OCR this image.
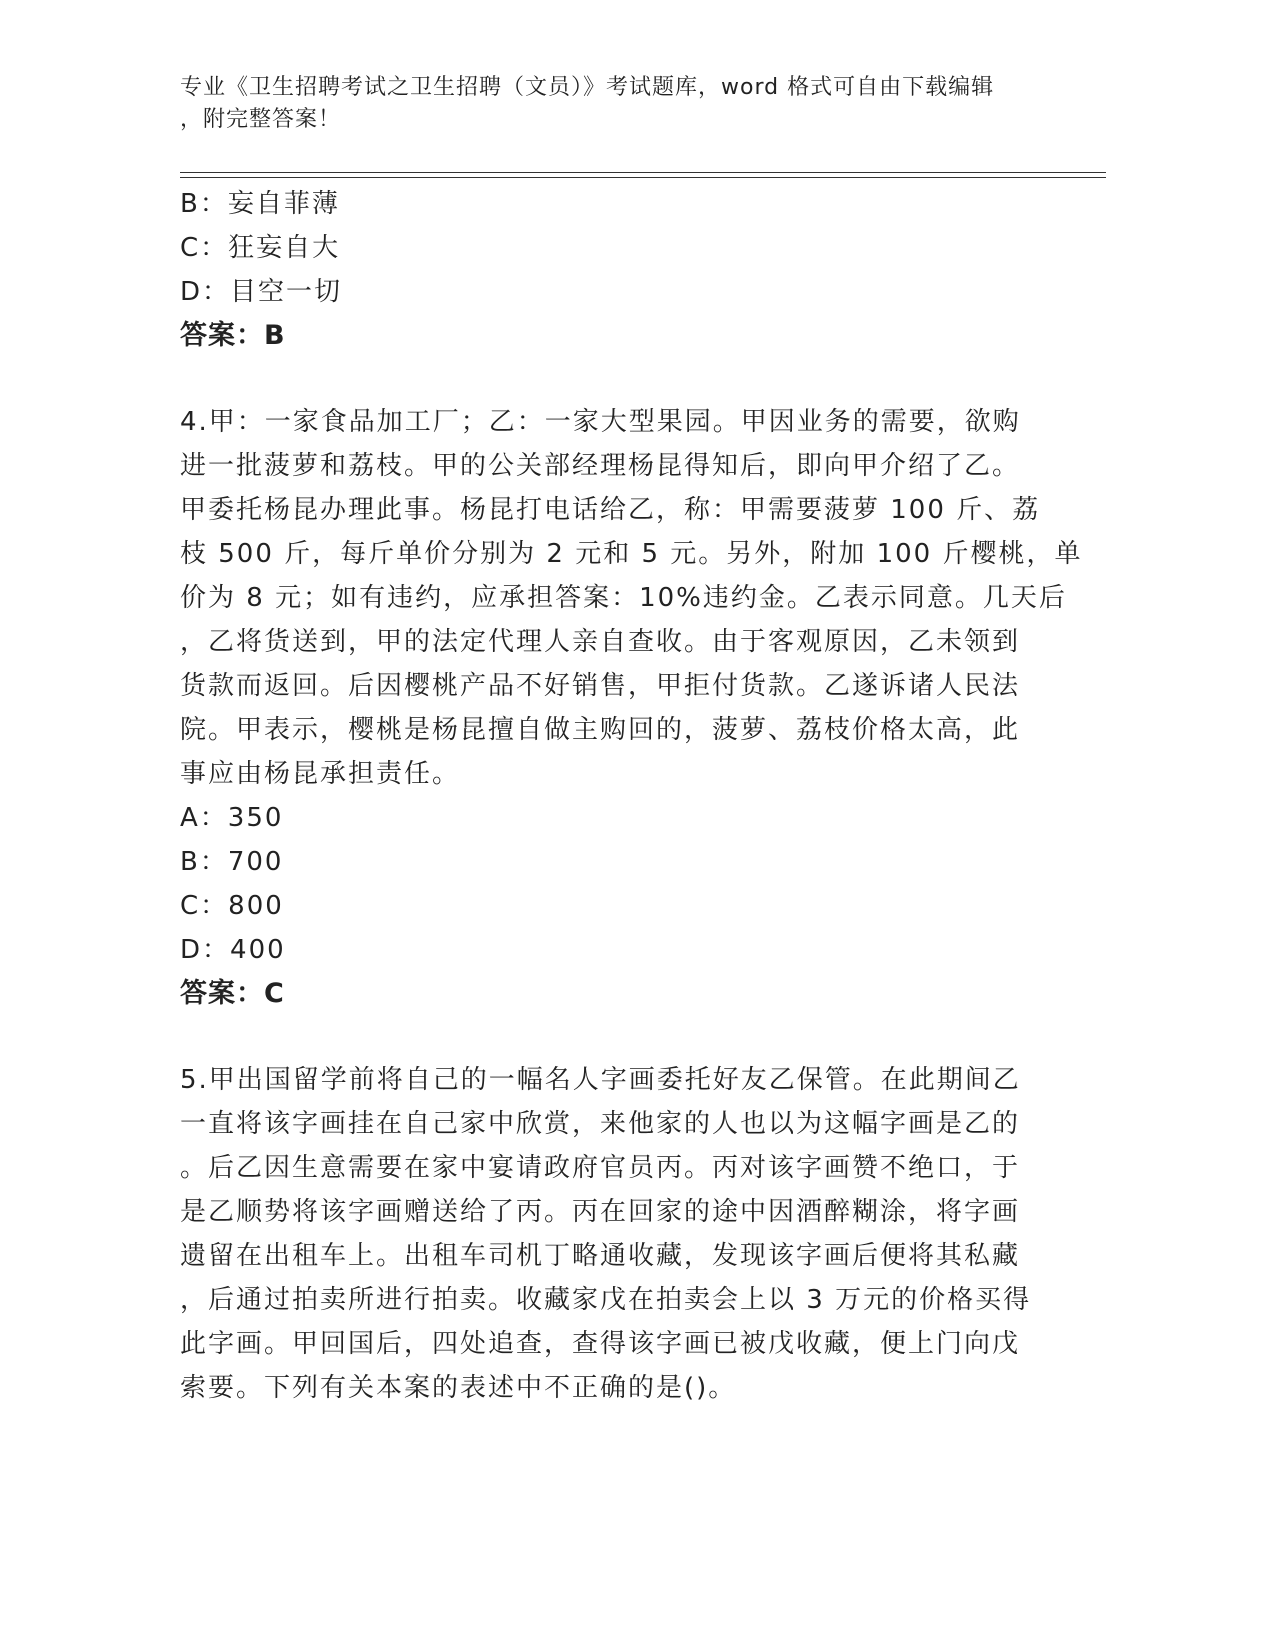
专业《卫生招聘考试之卫生招聘（文员）》考试题库，word 格式可自由下载编辑
，附完整答案！
B：妄自菲薄
C：狂妄自大
D：目空一切
答案：B
4.甲：一家食品加工厂；乙：一家大型果园。甲因业务的需要，欲购
进一批菠萝和荔枝。甲的公关部经理杨昆得知后，即向甲介绍了乙。
甲委托杨昆办理此事。杨昆打电话给乙，称：甲需要菠萝 100 斤、荔
枝 500 斤，每斤单价分别为 2 元和 5 元。另外，附加 100 斤樱桃，单
价为 8 元；如有违约，应承担答案：10%违约金。乙表示同意。几天后
，乙将货送到，甲的法定代理人亲自查收。由于客观原因，乙未领到
货款而返回。后因樱桃产品不好销售，甲拒付货款。乙遂诉诸人民法
院。甲表示，樱桃是杨昆擅自做主购回的，菠萝、荔枝价格太高，此
事应由杨昆承担责任。
A：350
B：700
C：800
D：400
答案：C
5.甲出国留学前将自己的一幅名人字画委托好友乙保管。在此期间乙
一直将该字画挂在自己家中欣赏，来他家的人也以为这幅字画是乙的
。后乙因生意需要在家中宴请政府官员丙。丙对该字画赞不绝口，于
是乙顺势将该字画赠送给了丙。丙在回家的途中因酒醉糊涂，将字画
遗留在出租车上。出租车司机丁略通收藏，发现该字画后便将其私藏
，后通过拍卖所进行拍卖。收藏家戊在拍卖会上以 3 万元的价格买得
此字画。甲回国后，四处追查，查得该字画已被戊收藏，便上门向戊
索要。下列有关本案的表述中不正确的是()。
